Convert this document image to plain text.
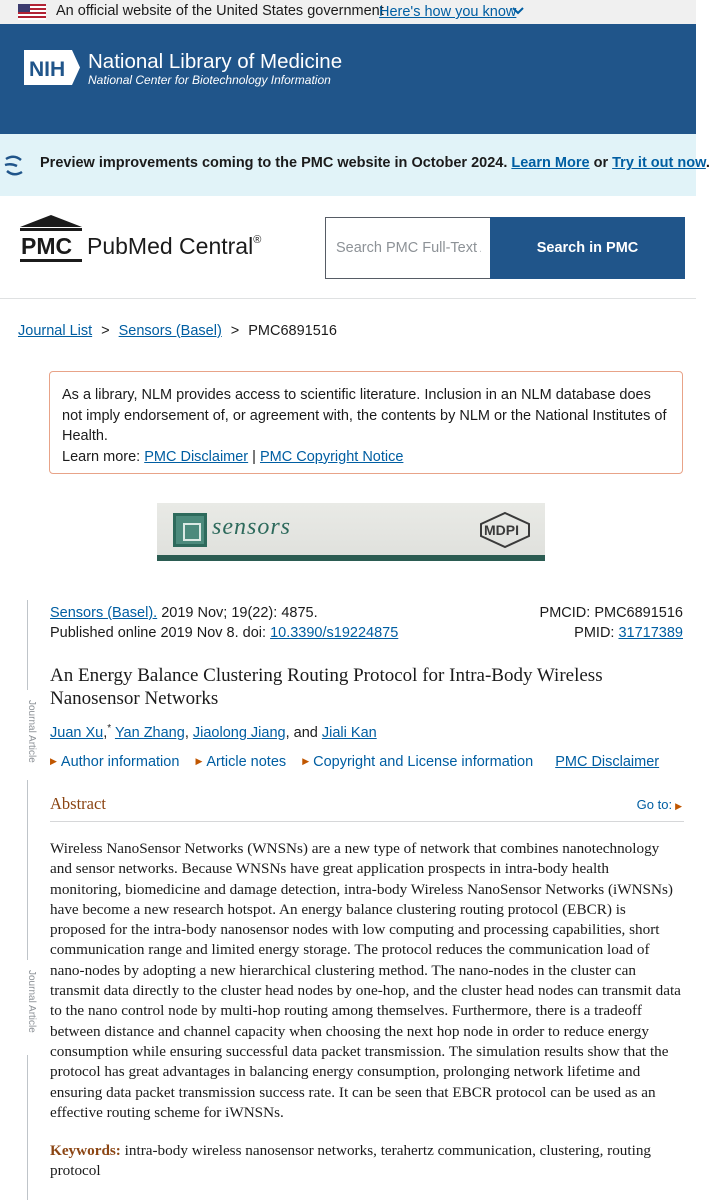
An official website of the United States government
Here's how you know
NIH National Library of Medicine
National Center for Biotechnology Information
Preview improvements coming to the PMC website in October 2024. Learn More or Try it out now.
PMC PubMed Central®
Search PMC Full-Text Archive	Search in PMC
Journal List > Sensors (Basel) > PMC6891516
As a library, NLM provides access to scientific literature. Inclusion in an NLM database does not imply endorsement of, or agreement with, the contents by NLM or the National Institutes of Health.
Learn more: PMC Disclaimer | PMC Copyright Notice
sensors	MDPI
Journal Article
Journal Article
Sensors (Basel). 2019 Nov; 19(22): 4875.
Published online 2019 Nov 8. doi: 10.3390/s19224875
PMCID: PMC6891516
PMID: 31717389
An Energy Balance Clustering Routing Protocol for Intra-Body Wireless Nanosensor Networks
Juan Xu,* Yan Zhang, Jiaolong Jiang, and Jiali Kan
▶ Author information ▶ Article notes ▶ Copyright and License information PMC Disclaimer
Abstract	Go to: ▶

Wireless NanoSensor Networks (WNSNs) are a new type of network that combines nanotechnology and sensor networks. Because WNSNs have great application prospects in intra-body health monitoring, biomedicine and damage detection, intra-body Wireless NanoSensor Networks (iWNSNs) have become a new research hotspot. An energy balance clustering routing protocol (EBCR) is proposed for the intra-body nanosensor nodes with low computing and processing capabilities, short communication range and limited energy storage. The protocol reduces the communication load of nano-nodes by adopting a new hierarchical clustering method. The nano-nodes in the cluster can transmit data directly to the cluster head nodes by one-hop, and the cluster head nodes can transmit data to the nano control node by multi-hop routing among themselves. Furthermore, there is a tradeoff between distance and channel capacity when choosing the next hop node in order to reduce energy consumption while ensuring successful data packet transmission. The simulation results show that the protocol has great advantages in balancing energy consumption, prolonging network lifetime and ensuring data packet transmission success rate. It can be seen that EBCR protocol can be used as an effective routing scheme for iWNSNs.

Keywords: intra-body wireless nanosensor networks, terahertz communication, clustering, routing protocol
